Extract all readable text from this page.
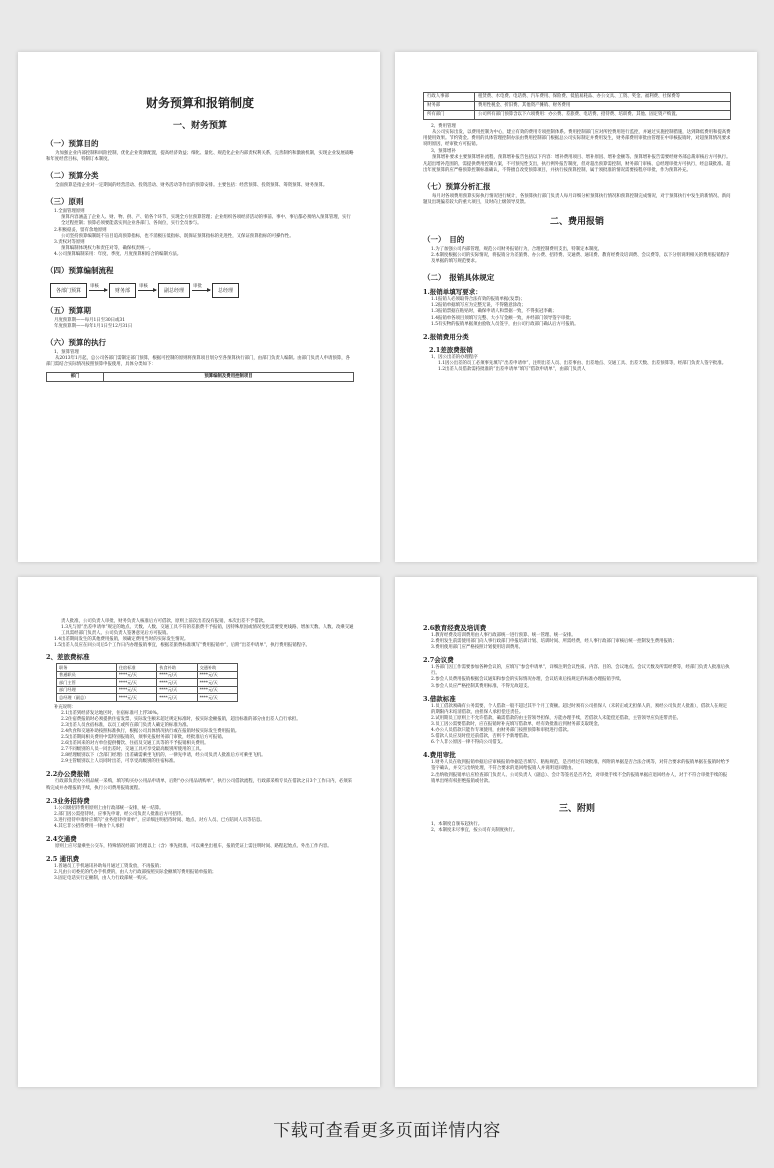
财务预算和报销制度
一、财务预算
（一）预算目的
为加强企业内部控制和风险控制，优化企业资源配置，提高经济效益；细化、量化、规范化企业内部责权利关系，完善制约和激励机制，实现企业发展战略和年度经营目标，特制订本制度。
（二）预算分类
全面预算是指企业对一定期间的经营活动、投资活动、财务活动等作出的预算安排。主要包括：经营预算、投资预算、筹资预算、财务预算。
（三）原则
1.全面管理原则
预算内容涵盖了企业人、财、物、供、产、销各个环节，实现全方位预算管理；企业组织各项经济活动的事前、事中、事后都必须纳入预算管理，实行全过程控制；预算必须要能落实到企业各部门、各岗位，实行全员参与。
2.积极稳妥，留有余地原则
公司坚持预算编制既不盲目追高预算指标，也不消极压低指标，既保证预算指标的先进性，又保证预算指标的可操作性。
3.责权对等原则
预算编制体现权力和责任对等，确保权责统一。
4.公司预算编制采用：年度、季度、月度预算相结合的编制方法。
（四）预算编制流程
各部门预算
审核
财务部
审核
副总经理
审批
总经理
（五）预算期
月度预算期——每月1日至30日或31
年度预算期——每年1月1日至12月31日
（六）预算的执行
1、预算管理
从2013年1月起，总公司各部门需制定部门预算，根据可控制的原则将预算项目划分至各预算执行部门，由部门负责人编制。由部门负责人申请预算，各部门需结合实际情况按照预算申报使用，具体分类如下：
部门	预算编制及费用控制项目
行政人事部	租赁费、水电费、电话费、汽车费用、保险费、低值易耗品、办公文具、工资、奖金、福利费、社保费等
财务部	费用性税金、折旧费、其他资产摊销、财务费用
所有部门	公司所有部门预算含以下六项费用：办公费、差旅费、电话费、招待费、培训费、其他、固定资产购置。
2、费用管理
从公司实际出发，以费用控制为中心，建立有效的费用专项控制体系。费用控制部门应对所控费用进行监控，并通过实施控制措施，达到降低费用和提高费用使用效果。节约资金。费用的具体管理控制办法由费用控制部门根据总公司实际制定并费用发生，财务部费用审批由管理在中审核报销时，对超预算情况要求说明原因，经审批方可报销。
3、预算增补
预算增补要求主要预算增补流程，预算增补报告包括以下内容：增补费用项目、增补原因、增补金额等。预算增补报告需要经财务部总裁审核后方可执行。凡超出增补范围的，需提供费用控制方案，不可预见性支出，执行例外报告制度，但对超出预算需控制，财务部门审核、总经理审批方可执行，经总裁批准。超出年度预算的应严格预算控制标准确认，不得擅自改变预算项目，并执行按预算控制，属于须批准的情况需要按程序审批，作为预算补充。
（七）预算分析汇报
每月对各项费用预算实际执行情况进行统计，各预算执行部门负责人每月详细分析预算执行情况和预算控制完成情况，对于预算执行中发生的新情况、新问题及出现偏差较大的重大项目，及时向上级领导反馈。
二、费用报销
（一）　目的
1.为了加强公司内部管理，规范公司财务报销行为，合理控制费用支出，特制定本制度。
2.本制度根据公司的实际情况，将报销分为差旅费、办公费、招待费、交通费、通讯费、教育经费及培训费、会议费等，以下分别说明相关的费用报销程序及单据的填写规范要求。
（二）　报销具体规定
1.报销单填写要求：
1.1报销人必须取得合法有效的报销单据(发票)；
1.2报销单据填写应为完整无误，不得随意涂改；
1.3报销票据在粘贴时，确保申请人和票据一致，不得张冠李戴；
1.4报销单各项目须填写完整、大小写金额一致，并经部门领导签字审批；
1.5有实物的报销单据须由验收人员签字，由公司行政部门确认后方可报销。
2.报销费用分类
2.1差旅费报销
1、因公出差的办理程序
1.1因公出差的员工必须事先填写“出差申请单”，注明出差人员、出差事由、出差地点、交通工具、出差天数、出差预算等，经部门负责人签字批准。
1.2出差人员借款需持批准的“出差申请单”填写“借款申请单”，由部门负责人
责人批准，公司负责人审批，财务负责人核准后方可借款，原则上前次出差没有报销，本次出差不予借款。
1.3凡与原“出差申请单”规定的地点、天数、人数、交通工具不符的差旅费不予报销，因特殊原因或情况变化需要变更线路、增加天数、人数、改乘交通工具需经部门负责人、公司负责人签署意见后方可报销。
1.4出差期间发生的其他费用报销，须确定费用当时的实际发生情况。
1.5出差人员应在回公司后5个工作日内办理报销事宜，根据差旅费标准填写“费用报销单”，后附“出差申请单”，执行费用报销程序。
2、差旅费标准
职务	住宿标准	伙食补助	交通补助
普通职员	****元/天	****元/天	****元/天
部门主管	****元/天	****元/天	****元/天
部门经理	****元/天	****元/天	****元/天
总经理（副总）	****元/天	****元/天	****元/天
补充说明：
2.1出差到经济发达地区时，住宿标准可上浮30%。
2.2住宿费报销时必须提供住宿发票，实际发生额未超过规定标准时，按实际金额报销，超出标准的部分由出差人自行承担。
2.3出差人员食宿标准，以员工或所在部门负责人确定的标准为准。
2.4伙食和交通补助按照标准执行，根据公司具体情况执行或在报销时按实际发生费用报销。
2.5出差期间相关费用中需特别报销的，须事先报财务部门审批，经批准后方可报销。
2.6出差回来的对方单位提供餐饮、住宿及交通工具等的不予报销相关费用。
2.7不同级别的人员一同出差时，交通工具可享受最高级别所使用的工具。
2.8经理级别以下（含部门经理）出差确需乘坐飞机的，一律先申请，经公司负责人批准后方可乘坐飞机。
2.9主管级别以上人员同时出差，可享受高级别的住宿标准。
2.2办公费报销
行政部负责办公用品统一采购，填写购买办公用品申请单，后附“办公用品请购单”，执行公司借款流程，行政部采购专员在借款之日3个工作日内，必须采购完成并办理报销手续，执行公司费用报销流程。
2.3业务招待费
1.公司级招待费用原则上由行政部统一安排，统一结算。
2.部门因公需招待时，应事先申请，经公司负责人批准后方可招待。
3.进行招待申请时应填写“业务招待申请单”，应详细注明招待时间、地点、对方人员、已方陪同人员等信息。
4.其它非公招待费用一律由个人承担
2.4交通费
原则上应尽量乘坐公交车，特殊情况经部门经理以上（含）事先批准，可以乘坐出租车，报销凭证上需注明时间、路程起始点、外出工作内容。
2.5 通讯费
1.普通员工手机通讯补助每月通过工资发放，不再报销；
2.凡由公司委托的代办手机费的，由人力行政部按照实际金额填写费用报销单报销；
3.固定电话实行定额制，由人力行政部统一购买。
2.6教育经费及培训费
1.教育经费及培训费用由人事行政部统一进行预算、统一管理、统一安排。
2.费用发生前需使用部门向人事行政部门申报培训计划、培训时间、所需经费，经人事行政部门审核后统一控制发生费用报销；
3.费用使用部门应严格按照计划使用培训费用。
2.7会议费
1.各部门因工作需要参加各种会议的，应填写“参会申请单”，详细注明会议性质、内容、目的、会议地点、会议天数及所需经费等，经部门负责人批准后执行。
2.参会人员费用报销根据会议通知和参会的实际情况办理，会议结束后按规定的标准办理报销手续。
3.参会人员应严格控制其费用标准，不得无故超支。
3.借款标准
1.员工借款须确有公务需要，个人借款一般不超过其半个月工资额。超过时须有公司担保人（未转正或无担保人的，须经公司负责人批准），借款人在规定的期限内未结清借款，由担保人承担偿还责任。
2.试用期员工原则上不允许借款，确需借款的由主管领导担保，方能办理手续，若借款人未能偿还借款，主管领导应负连带责任。
3.员工因公需要借款时，应在报销时补充填写借款单，经有效批准后到财务部支取现金。
4.办公人员借款只能作专项使用，由财务部门按照预算和审批进行借款。
5.借款人员应及时偿还前借款，否则不予新增借款。
6.个人非公原因一律不得向公司借支。
4.费用审批
1.财务人员在收到报销单据后应审核报销单据是否填写、粘贴规范，是否经过有效批准，所附的单据是否合法合规等，对符合要求的报销单据在报销时给予签字确认，并交与出纳处理，不符合要求的退回给报销人并说明退回理由。
2.出纳收到报销单后应检查部门负责人、公司负责人（副总）、会计等签名是否齐全，对审批手续不全的报销单据应退回经办人，对于不符合审批手续的报销单出纳有权拒绝报销或付款。
三、附则
1、本制度自颁布起执行。
2、本制度未尽事宜，按公司有关制度执行。
下载可查看更多页面详情内容
